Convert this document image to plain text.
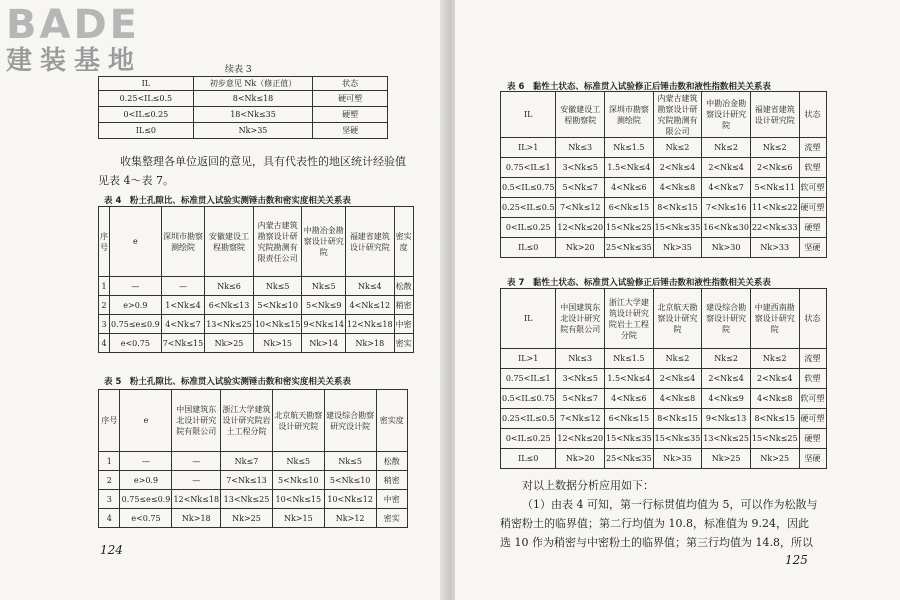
BADE
建装基地	续表 3
IL	初步意见 Nk（修正值）	状态
0.25<IL≤0.5	8<Nk≤18	硬可塑
0<IL≤0.25	18<Nk≤35	硬塑
IL≤0	Nk>35	坚硬
收集整理各单位返回的意见，具有代表性的地区统计经验值
见表 4～表 7。
表 4　粉土孔隙比、标准贯入试验实测锤击数和密实度相关关系表
序号	e	深圳市勘察测绘院	安徽建设工程勘察院	内蒙古建筑勘察设计研究院勘测有限责任公司	中勘冶金勘察设计研究院	福建省建筑设计研究院	密实度
1	—	—	Nk≤6	Nk≤5	Nk≤5	Nk≤4	松散
2	e>0.9	1<Nk≤4	6<Nk≤13	5<Nk≤10	5<Nk≤9	4<Nk≤12	稍密
3	0.75≤e≤0.9	4<Nk≤7	13<Nk≤25	10<Nk≤15	9<Nk≤14	12<Nk≤18	中密
4	e<0.75	7<Nk≤15	Nk>25	Nk>15	Nk>14	Nk>18	密实
表 5　粉土孔隙比、标准贯入试验实测锤击数和密实度相关关系表
序号	e	中国建筑东北设计研究院有限公司	浙江大学建筑设计研究院岩土工程分院	北京航天勘察设计研究院	建设综合勘察研究设计院	密实度
1	—	—	Nk≤7	Nk≤5	Nk≤5	松散
2	e>0.9	—	7<Nk≤13	5<Nk≤10	5<Nk≤10	稍密
3	0.75≤e≤0.9	12<Nk≤18	13<Nk≤25	10<Nk≤15	10<Nk≤12	中密
4	e<0.75	Nk>18	Nk>25	Nk>15	Nk>12	密实
124
表 6　黏性土状态、标准贯入试验修正后锤击数和液性指数相关关系表
IL	安徽建设工程勘察院	深圳市勘察测绘院	内蒙古建筑勘察设计研究院勘测有限公司	中勘冶金勘察设计研究院	福建省建筑设计研究院	状态
IL>1	Nk≤3	Nk≤1.5	Nk≤2	Nk≤2	Nk≤2	流塑
0.75<IL≤1	3<Nk≤5	1.5<Nk≤4	2<Nk≤4	2<Nk≤4	2<Nk≤6	软塑
0.5<IL≤0.75	5<Nk≤7	4<Nk≤6	4<Nk≤8	4<Nk≤7	5<Nk≤11	软可塑
0.25<IL≤0.5	7<Nk≤12	6<Nk≤15	8<Nk≤15	7<Nk≤16	11<Nk≤22	硬可塑
0<IL≤0.25	12<Nk≤20	15<Nk≤25	15<Nk≤35	16<Nk≤30	22<Nk≤33	硬塑
IL≤0	Nk>20	25<Nk≤35	Nk>35	Nk>30	Nk>33	坚硬
表 7　黏性土状态、标准贯入试验修正后锤击数和液性指数相关关系表
IL	中国建筑东北设计研究院有限公司	浙江大学建筑设计研究院岩土工程分院	北京航天勘察设计研究院	建设综合勘察设计研究院	中建西南勘察设计研究院	状态
IL>1	Nk≤3	Nk≤1.5	Nk≤2	Nk≤2	Nk≤2	流塑
0.75<IL≤1	3<Nk≤5	1.5<Nk≤4	2<Nk≤4	2<Nk≤4	2<Nk≤4	软塑
0.5<IL≤0.75	5<Nk≤7	4<Nk≤6	4<Nk≤8	4<Nk≤9	4<Nk≤8	软可塑
0.25<IL≤0.5	7<Nk≤12	6<Nk≤15	8<Nk≤15	9<Nk≤13	8<Nk≤15	硬可塑
0<IL≤0.25	12<Nk≤20	15<Nk≤35	15<Nk≤35	13<Nk≤25	15<Nk≤25	硬塑
IL≤0	Nk>20	25<Nk≤35	Nk>35	Nk>25	Nk>25	坚硬
对以上数据分析应用如下：
（1）由表 4 可知，第一行标贯值均值为 5，可以作为松散与
稍密粉土的临界值；第二行均值为 10.8，标准值为 9.24，因此
选 10 作为稍密与中密粉土的临界值；第三行均值为 14.8，所以
125
